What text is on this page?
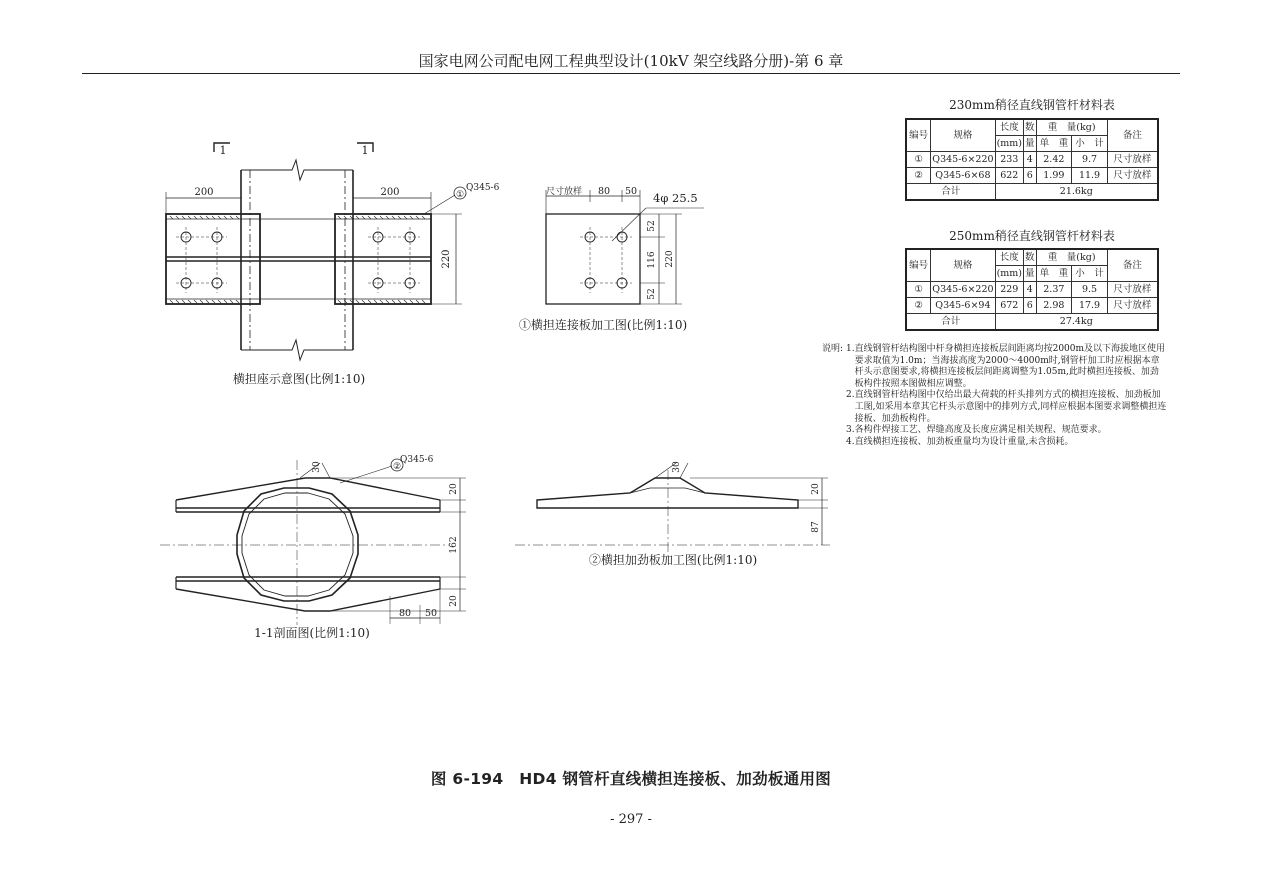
国家电网公司配电网工程典型设计(10kV 架空线路分册)-第 6 章
200	200
220
1	1
①
Q345-6
横担座示意图(比例1:10)
尺寸放样 80 50 4φ 25.5
52
116
52
220
①横担连接板加工图(比例1:10)
30	②
Q345-6
20
162
20
80 50
1-1剖面图(比例1:10)
30
20
87
②横担加劲板加工图(比例1:10)
230mm稍径直线钢管杆材料表
编号	规格	长度	数	重　量(kg)		备注
		(mm)	量	单　重	小　计	
①	Q345-6×220	233	4	2.42	9.7	尺寸放样
②	Q345-6×68	622	6	1.99	11.9	尺寸放样
合计		21.6kg				
250mm稍径直线钢管杆材料表
编号	规格	长度	数	重　量(kg)		备注
		(mm)	量	单　重	小　计	
①	Q345-6×220	229	4	2.37	9.5	尺寸放样
②	Q345-6×94	672	6	2.98	17.9	尺寸放样
合计		27.4kg				
说明: 1. 直线钢管杆结构图中杆身横担连接板层间距离均按2000m及以下海拔地区使用要求取值为1.0m；当海拔高度为2000～4000m时,钢管杆加工时应根据本章杆头示意图要求,将横担连接板层间距离调整为1.05m,此时横担连接板、加劲板构件按照本图做相应调整。
2. 直线钢管杆结构图中仅给出最大荷载的杆头排列方式的横担连接板、加劲板加工图,如采用本章其它杆头示意图中的排列方式,同样应根据本图要求调整横担连接板、加劲板构件。
3. 各构件焊接工艺、焊缝高度及长度应满足相关规程、规范要求。
4. 直线横担连接板、加劲板重量均为设计重量,未含损耗。
图 6-194　HD4 钢管杆直线横担连接板、加劲板通用图
- 297 -
